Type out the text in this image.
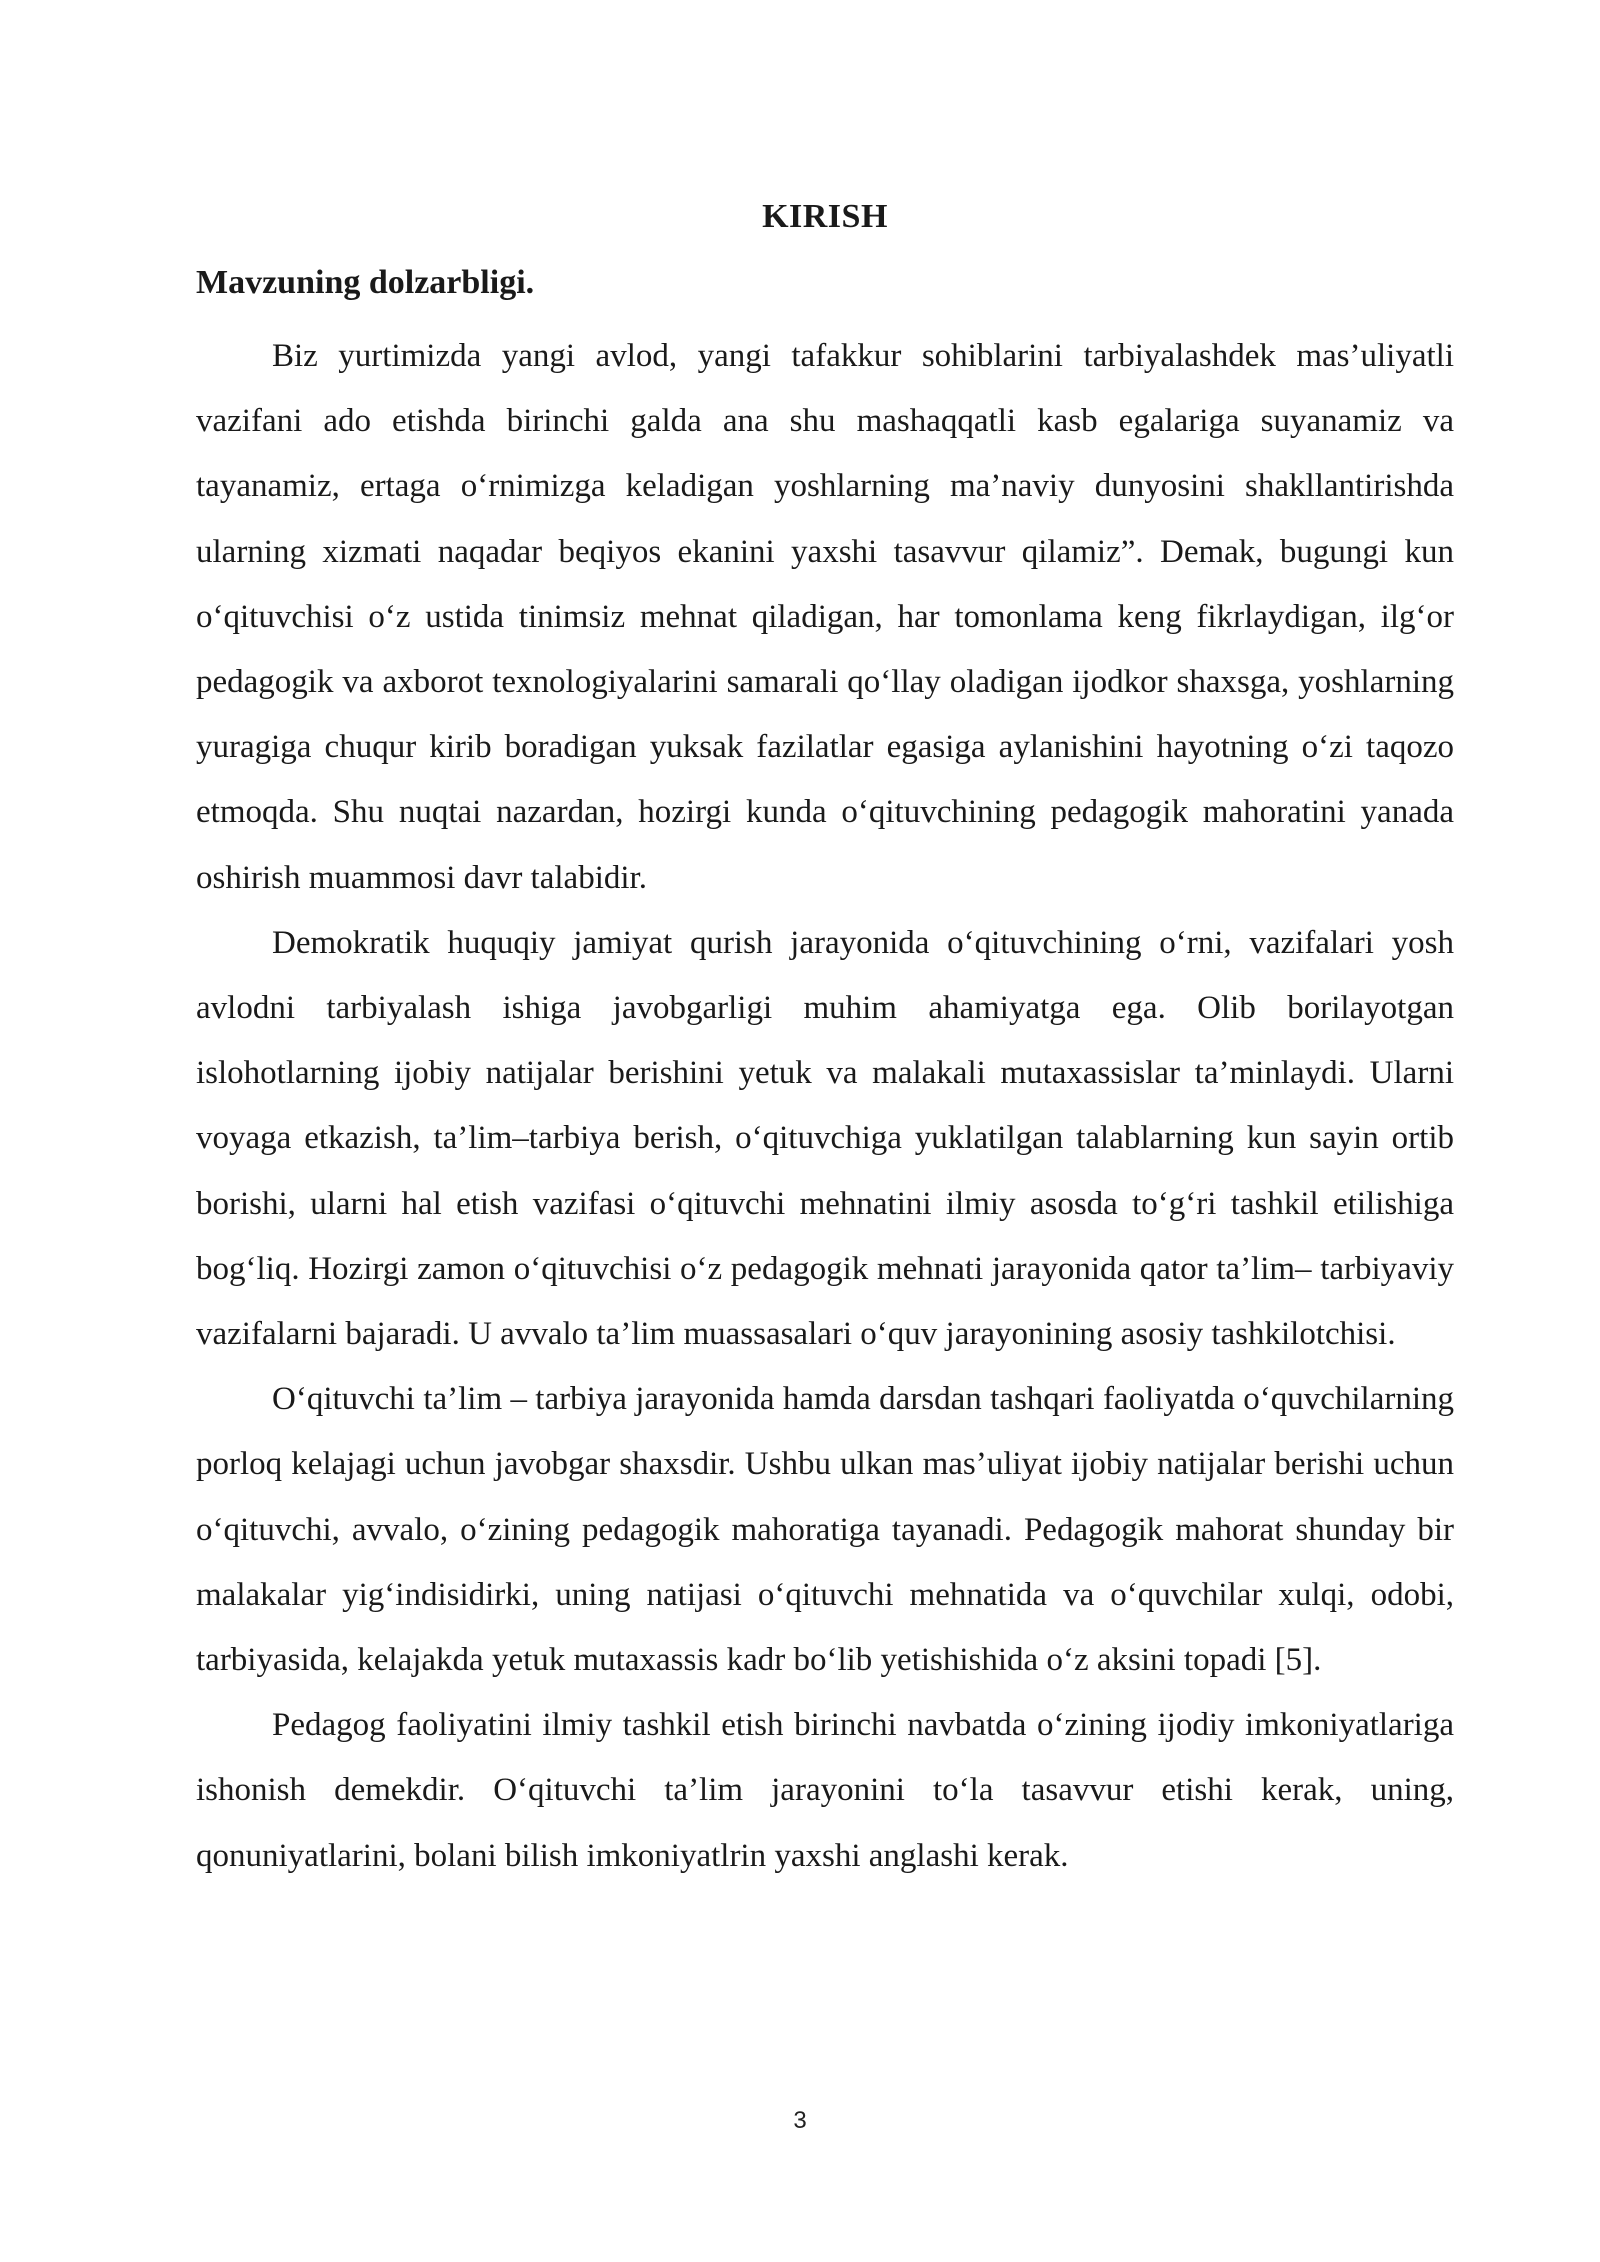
KIRISH
Mavzuning dolzarbligi.

Biz yurtimizda yangi avlod, yangi tafakkur sohiblarini tarbiyalashdek mas’uliyatli vazifani ado etishda birinchi galda ana shu mashaqqatli kasb egalariga suyanamiz va tayanamiz, ertaga o‘rnimizga keladigan yoshlarning ma’naviy dunyosini shakllantirishda ularning xizmati naqadar beqiyos ekanini yaxshi tasavvur qilamiz”. Demak, bugungi kun o‘qituvchisi o‘z ustida tinimsiz mehnat qiladigan, har tomonlama keng fikrlaydigan, ilg‘or pedagogik va axborot texnologiyalarini samarali qo‘llay oladigan ijodkor shaxsga, yoshlarning yuragiga chuqur kirib boradigan yuksak fazilatlar egasiga aylanishini hayotning o‘zi taqozo etmoqda. Shu nuqtai nazardan, hozirgi kunda o‘qituvchining pedagogik mahoratini yanada oshirish muammosi davr talabidir.

Demokratik huquqiy jamiyat qurish jarayonida o‘qituvchining o‘rni, vazifalari yosh avlodni tarbiyalash ishiga javobgarligi muhim ahamiyatga ega. Olib borilayotgan islohotlarning ijobiy natijalar berishini yetuk va malakali mutaxassislar ta’minlaydi. Ularni voyaga etkazish, ta’lim–tarbiya berish, o‘qituvchiga yuklatilgan talablarning kun sayin ortib borishi, ularni hal etish vazifasi o‘qituvchi mehnatini ilmiy asosda to‘g‘ri tashkil etilishiga bog‘liq. Hozirgi zamon o‘qituvchisi o‘z pedagogik mehnati jarayonida qator ta’lim– tarbiyaviy vazifalarni bajaradi. U avvalo ta’lim muassasalari o‘quv jarayonining asosiy tashkilotchisi.

O‘qituvchi ta’lim – tarbiya jarayonida hamda darsdan tashqari faoliyatda o‘quvchilarning porloq kelajagi uchun javobgar shaxsdir. Ushbu ulkan mas’uliyat ijobiy natijalar berishi uchun o‘qituvchi, avvalo, o‘zining pedagogik mahoratiga tayanadi. Pedagogik mahorat shunday bir malakalar yig‘indisidirki, uning natijasi o‘qituvchi mehnatida va o‘quvchilar xulqi, odobi, tarbiyasida, kelajakda yetuk mutaxassis kadr bo‘lib yetishishida o‘z aksini topadi [5].

Pedagog faoliyatini ilmiy tashkil etish birinchi navbatda o‘zining ijodiy imkoniyatlariga ishonish demekdir. O‘qituvchi ta’lim jarayonini to‘la tasavvur etishi kerak, uning, qonuniyatlarini, bolani bilish imkoniyatlrin yaxshi anglashi kerak.

3
